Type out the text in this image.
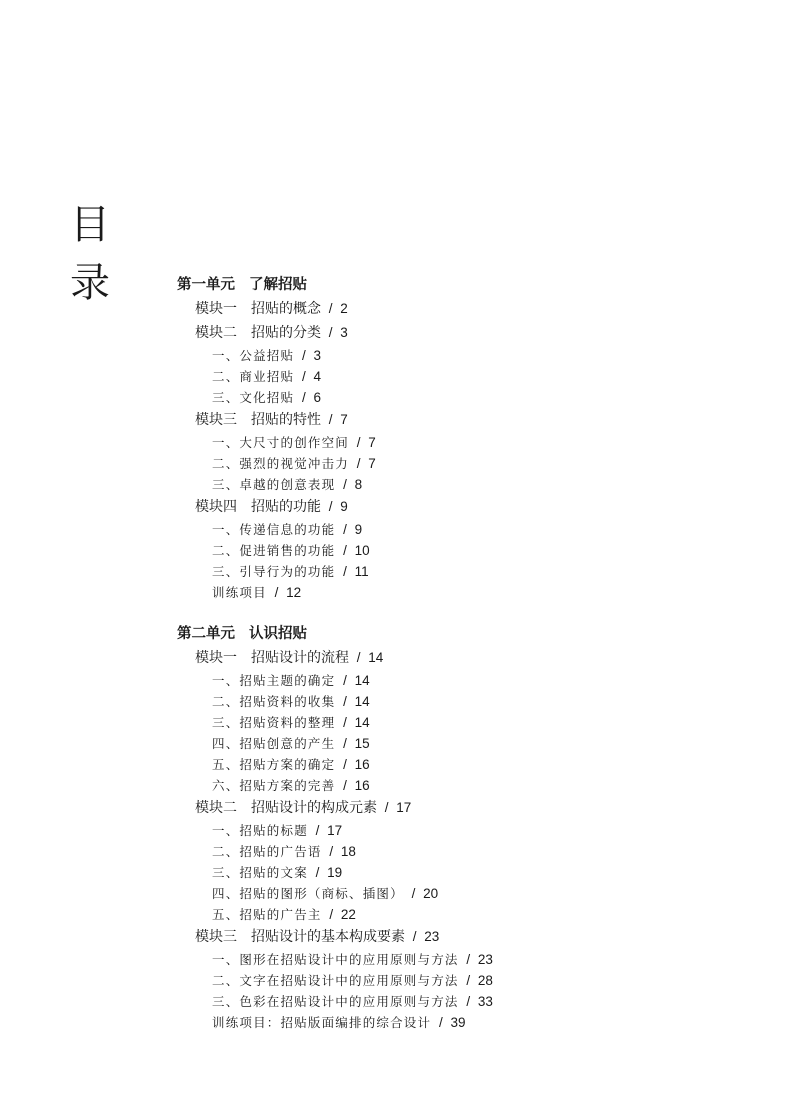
目
录	第一单元 了解招贴
模块一 招贴的概念 / 2
模块二 招贴的分类 / 3
一、公益招贴 / 3
二、商业招贴 / 4
三、文化招贴 / 6
模块三 招贴的特性 / 7
一、大尺寸的创作空间 / 7
二、强烈的视觉冲击力 / 7
三、卓越的创意表现 / 8
模块四 招贴的功能 / 9
一、传递信息的功能 / 9
二、促进销售的功能 / 10
三、引导行为的功能 / 11
训练项目 / 12
第二单元 认识招贴
模块一 招贴设计的流程 / 14
一、招贴主题的确定 / 14
二、招贴资料的收集 / 14
三、招贴资料的整理 / 14
四、招贴创意的产生 / 15
五、招贴方案的确定 / 16
六、招贴方案的完善 / 16
模块二 招贴设计的构成元素 / 17
一、招贴的标题 / 17
二、招贴的广告语 / 18
三、招贴的文案 / 19
四、招贴的图形（商标、插图） / 20
五、招贴的广告主 / 22
模块三 招贴设计的基本构成要素 / 23
一、图形在招贴设计中的应用原则与方法 / 23
二、文字在招贴设计中的应用原则与方法 / 28
三、色彩在招贴设计中的应用原则与方法 / 33
训练项目：招贴版面编排的综合设计 / 39
